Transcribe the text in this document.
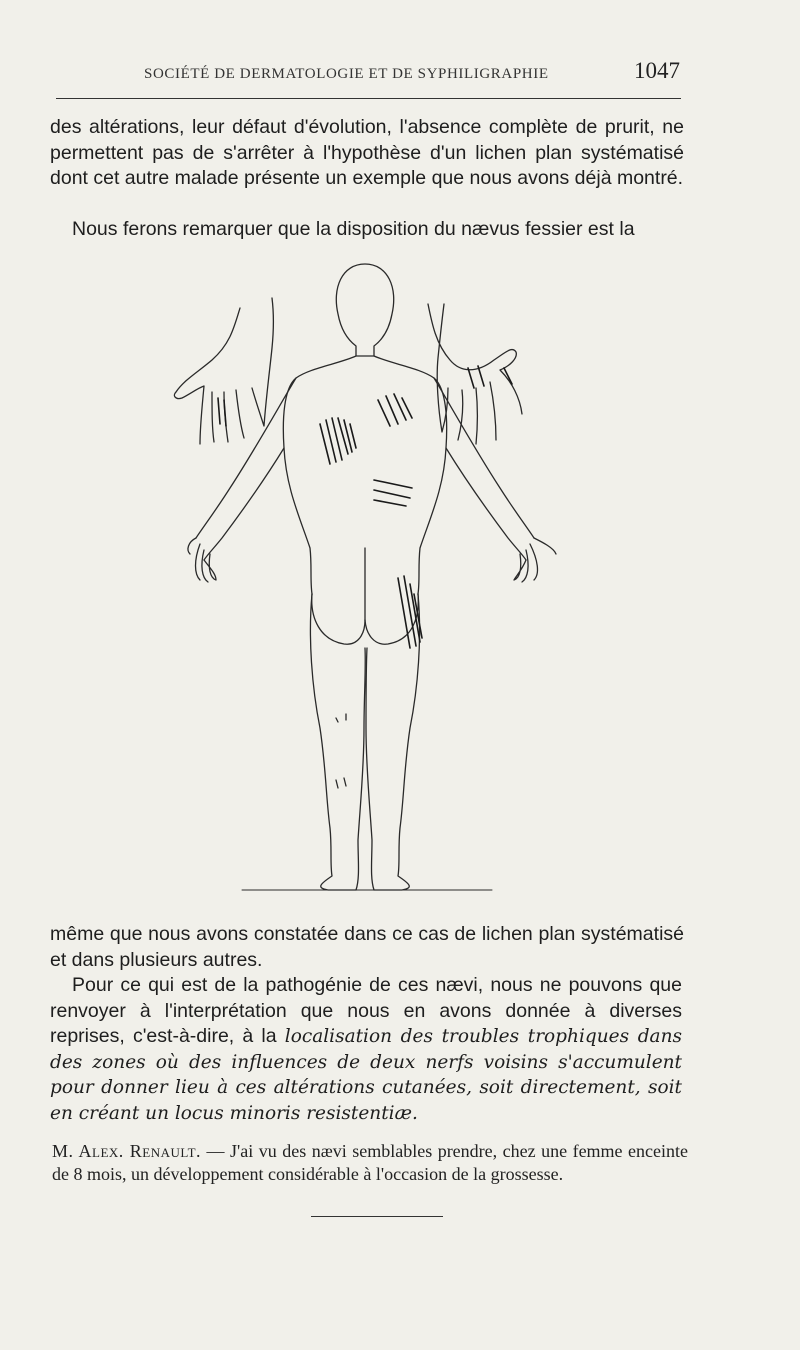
SOCIÉTÉ DE DERMATOLOGIE ET DE SYPHILIGRAPHIE	1047
des altérations, leur défaut d'évolution, l'absence complète de prurit, ne permettent pas de s'arrêter à l'hypothèse d'un lichen plan systématisé dont cet autre malade présente un exemple que nous avons déjà montré.
Nous ferons remarquer que la disposition du nævus fessier est la
même que nous avons constatée dans ce cas de lichen plan systématisé et dans plusieurs autres.
Pour ce qui est de la pathogénie de ces nævi, nous ne pouvons que renvoyer à l'interprétation que nous en avons donnée à diverses reprises, c'est-à-dire, à la localisation des troubles trophiques dans des zones où des influences de deux nerfs voisins s'accumulent pour donner lieu à ces altérations cutanées, soit directement, soit en créant un locus minoris resistentiæ.
M. Alex. Renault. — J'ai vu des nævi semblables prendre, chez une femme enceinte de 8 mois, un développement considérable à l'occasion de la grossesse.
